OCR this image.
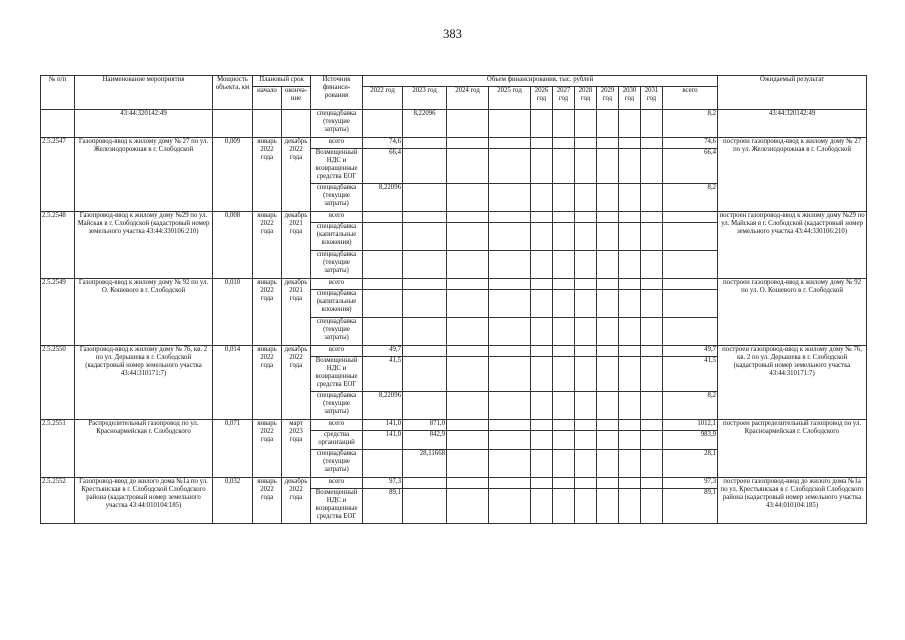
383
№ п/п	Наименование мероприятия	Мощность объекта, км	Плановый срок		Источник финанси-рования	Объем финансирования, тыс. рублей											Ожидаемый результат
			начало	оконча-ние		2022 год	2023 год	2024 год	2025 год	2026 год	2027 год	2028 год	2029 год	2030 год	2031 год	всего	
	43:44:320142:49				спецнадбавка (текущие затраты)		8,22096									8,2	43:44:320142:49
2.5.2547	Газопровод-ввод к жилому дому № 27 по ул. Железнодорожная в г. Слободской	0,009	январь 2022 года	декабрь 2022 года	всего	74,6										74,6	построен газопровод-ввод к жилому дому № 27 по ул. Железнодорожная в г. Слободской
					Возмещенный НДС и возвращенные средства ЕОГ	66,4										66,4	
					спецнадбавка (текущие затраты)	8,22096										8,2	
2.5.2548	Газопровод-ввод к жилому дому №29 по ул. Майская в г. Слободской (кадастровый номер земельного участка 43:44:330106:210)	0,008	январь 2022 года	декабрь 2021 года	всего												построен газопровод-ввод к жилому дому №29 по ул. Майская в г. Слободской (кадастровый номер земельного участка 43:44:330106:210)
					спецнадбавка (капитальные вложения)												
					спецнадбавка (текущие затраты)												
2.5.2549	Газопровод-ввод к жилому дому № 92 по ул. О. Кошевого в г. Слободской	0,010	январь 2022 года	декабрь 2021 года	всего												построен газопровод-ввод к жилому дому № 92 по ул. О. Кошевого в г. Слободской
					спецнадбавка (капитальные вложения)												
					спецнадбавка (текущие затраты)												
2.5.2550	Газопровод-ввод к жилому дому № 76, кв. 2 по ул. Дерышева в г. Слободской (кадастровый номер земельного участка 43:44:310171:7)	0,014	январь 2022 года	декабрь 2022 года	всего	49,7										49,7	построен газопровод-ввод к жилому дому № 76, кв. 2 по ул. Дерышева в г. Слободской (кадастровый номер земельного участка 43:44:310171:7)
					Возмещенный НДС и возвращенные средства ЕОГ	41,5										41,5	
					спецнадбавка (текущие затраты)	8,22096										8,2	
2.5.2551	Распределительный газопровод по ул. Красноармейская г. Слободского	0,071	январь 2022 года	март 2023 года	всего	141,0	871,0									1012,1	построен распределительный газопровод по ул. Красноармейская г. Слободского
					средства организаций	141,0	842,9									983,9	
					спецнадбавка (текущие затраты)		28,11668									28,1	
2.5.2552	Газопровод-ввод до жилого дома №1а по ул. Крестьянская в г. Слободской Слободского района (кадастровый номер земельного участка 43:44:010104:185)	0,032	январь 2022 года	декабрь 2022 года	всего	97,3										97,3	построен газопровод-ввод до жилого дома №1а по ул. Крестьянская в г. Слободской Слободского района (кадастровый номер земельного участка 43:44:010104:185)
					Возмещенный НДС и возвращенные средства ЕОГ	89,1										89,1	
